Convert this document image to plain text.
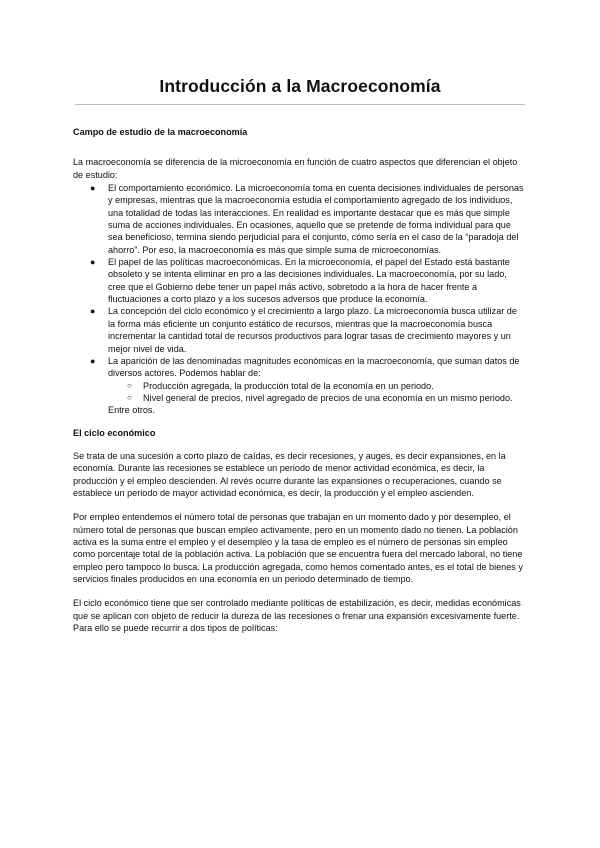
Introducción a la Macroeconomía
Campo de estudio de la macroeconomía

La macroeconomía se diferencia de la microeconomía en función de cuatro aspectos que diferencian el objeto de estudio:

● El comportamiento económico. La microeconomía toma en cuenta decisiones individuales de personas y empresas, mientras que la macroeconomía estudia el comportamiento agregado de los individuos, una totalidad de todas las interacciones. En realidad es importante destacar que es más que simple suma de acciones individuales. En ocasiones, aquello que se pretende de forma individual para que sea beneficioso, termina siendo perjudicial para el conjunto, cómo sería en el caso de la “paradoja del ahorro”. Por eso, la macroeconomía es más que simple suma de microeconomías.
● El papel de las políticas macroeconómicas. En la microeconomía, el papel del Estado está bastante obsoleto y se intenta eliminar en pro a las decisiones individuales. La macroeconomía, por su lado, cree que el Gobierno debe tener un papel más activo, sobretodo a la hora de hacer frente a fluctuaciones a corto plazo y a los sucesos adversos que produce la economía.
● La concepción del ciclo económico y el crecimiento a largo plazo. La microeconomía busca utilizar de la forma más eficiente un conjunto estático de recursos, mientras que la macroeconomía busca incrementar la cantidad total de recursos productivos para lograr tasas de crecimiento mayores y un mejor nivel de vida.
● La aparición de las denominadas magnitudes económicas en la macroeconomía, que suman datos de diversos actores. Podemos hablar de:
○ Producción agregada, la producción total de la economía en un periodo.
○ Nivel general de precios, nivel agregado de precios de una economía en un mismo periodo.

Entre otros.

El ciclo económico

Se trata de una sucesión a corto plazo de caídas, es decir recesiones, y auges, es decir expansiones, en la economía. Durante las recesiones se establece un periodo de menor actividad económica, es decir, la producción y el empleo descienden. Al revés ocurre durante las expansiones o recuperaciones, cuando se establece un periodo de mayor actividad económica, es decir, la producción y el empleo ascienden.

Por empleo entendemos el número total de personas que trabajan en un momento dado y por desempleo, el número total de personas que buscan empleo activamente, pero en un momento dado no tienen. La población activa es la suma entre el empleo y el desempleo y la tasa de empleo es el número de personas sin empleo como porcentaje total de la población activa. La población que se encuentra fuera del mercado laboral, no tiene empleo pero tampoco lo busca. La producción agregada, como hemos comentado antes, es el total de bienes y servicios finales producidos en una economía en un periodo determinado de tiempo.

El ciclo económico tiene que ser controlado mediante políticas de estabilización, es decir, medidas económicas que se aplican con objeto de reducir la dureza de las recesiones o frenar una expansión excesivamente fuerte. Para ello se puede recurrir a dos tipos de políticas:
